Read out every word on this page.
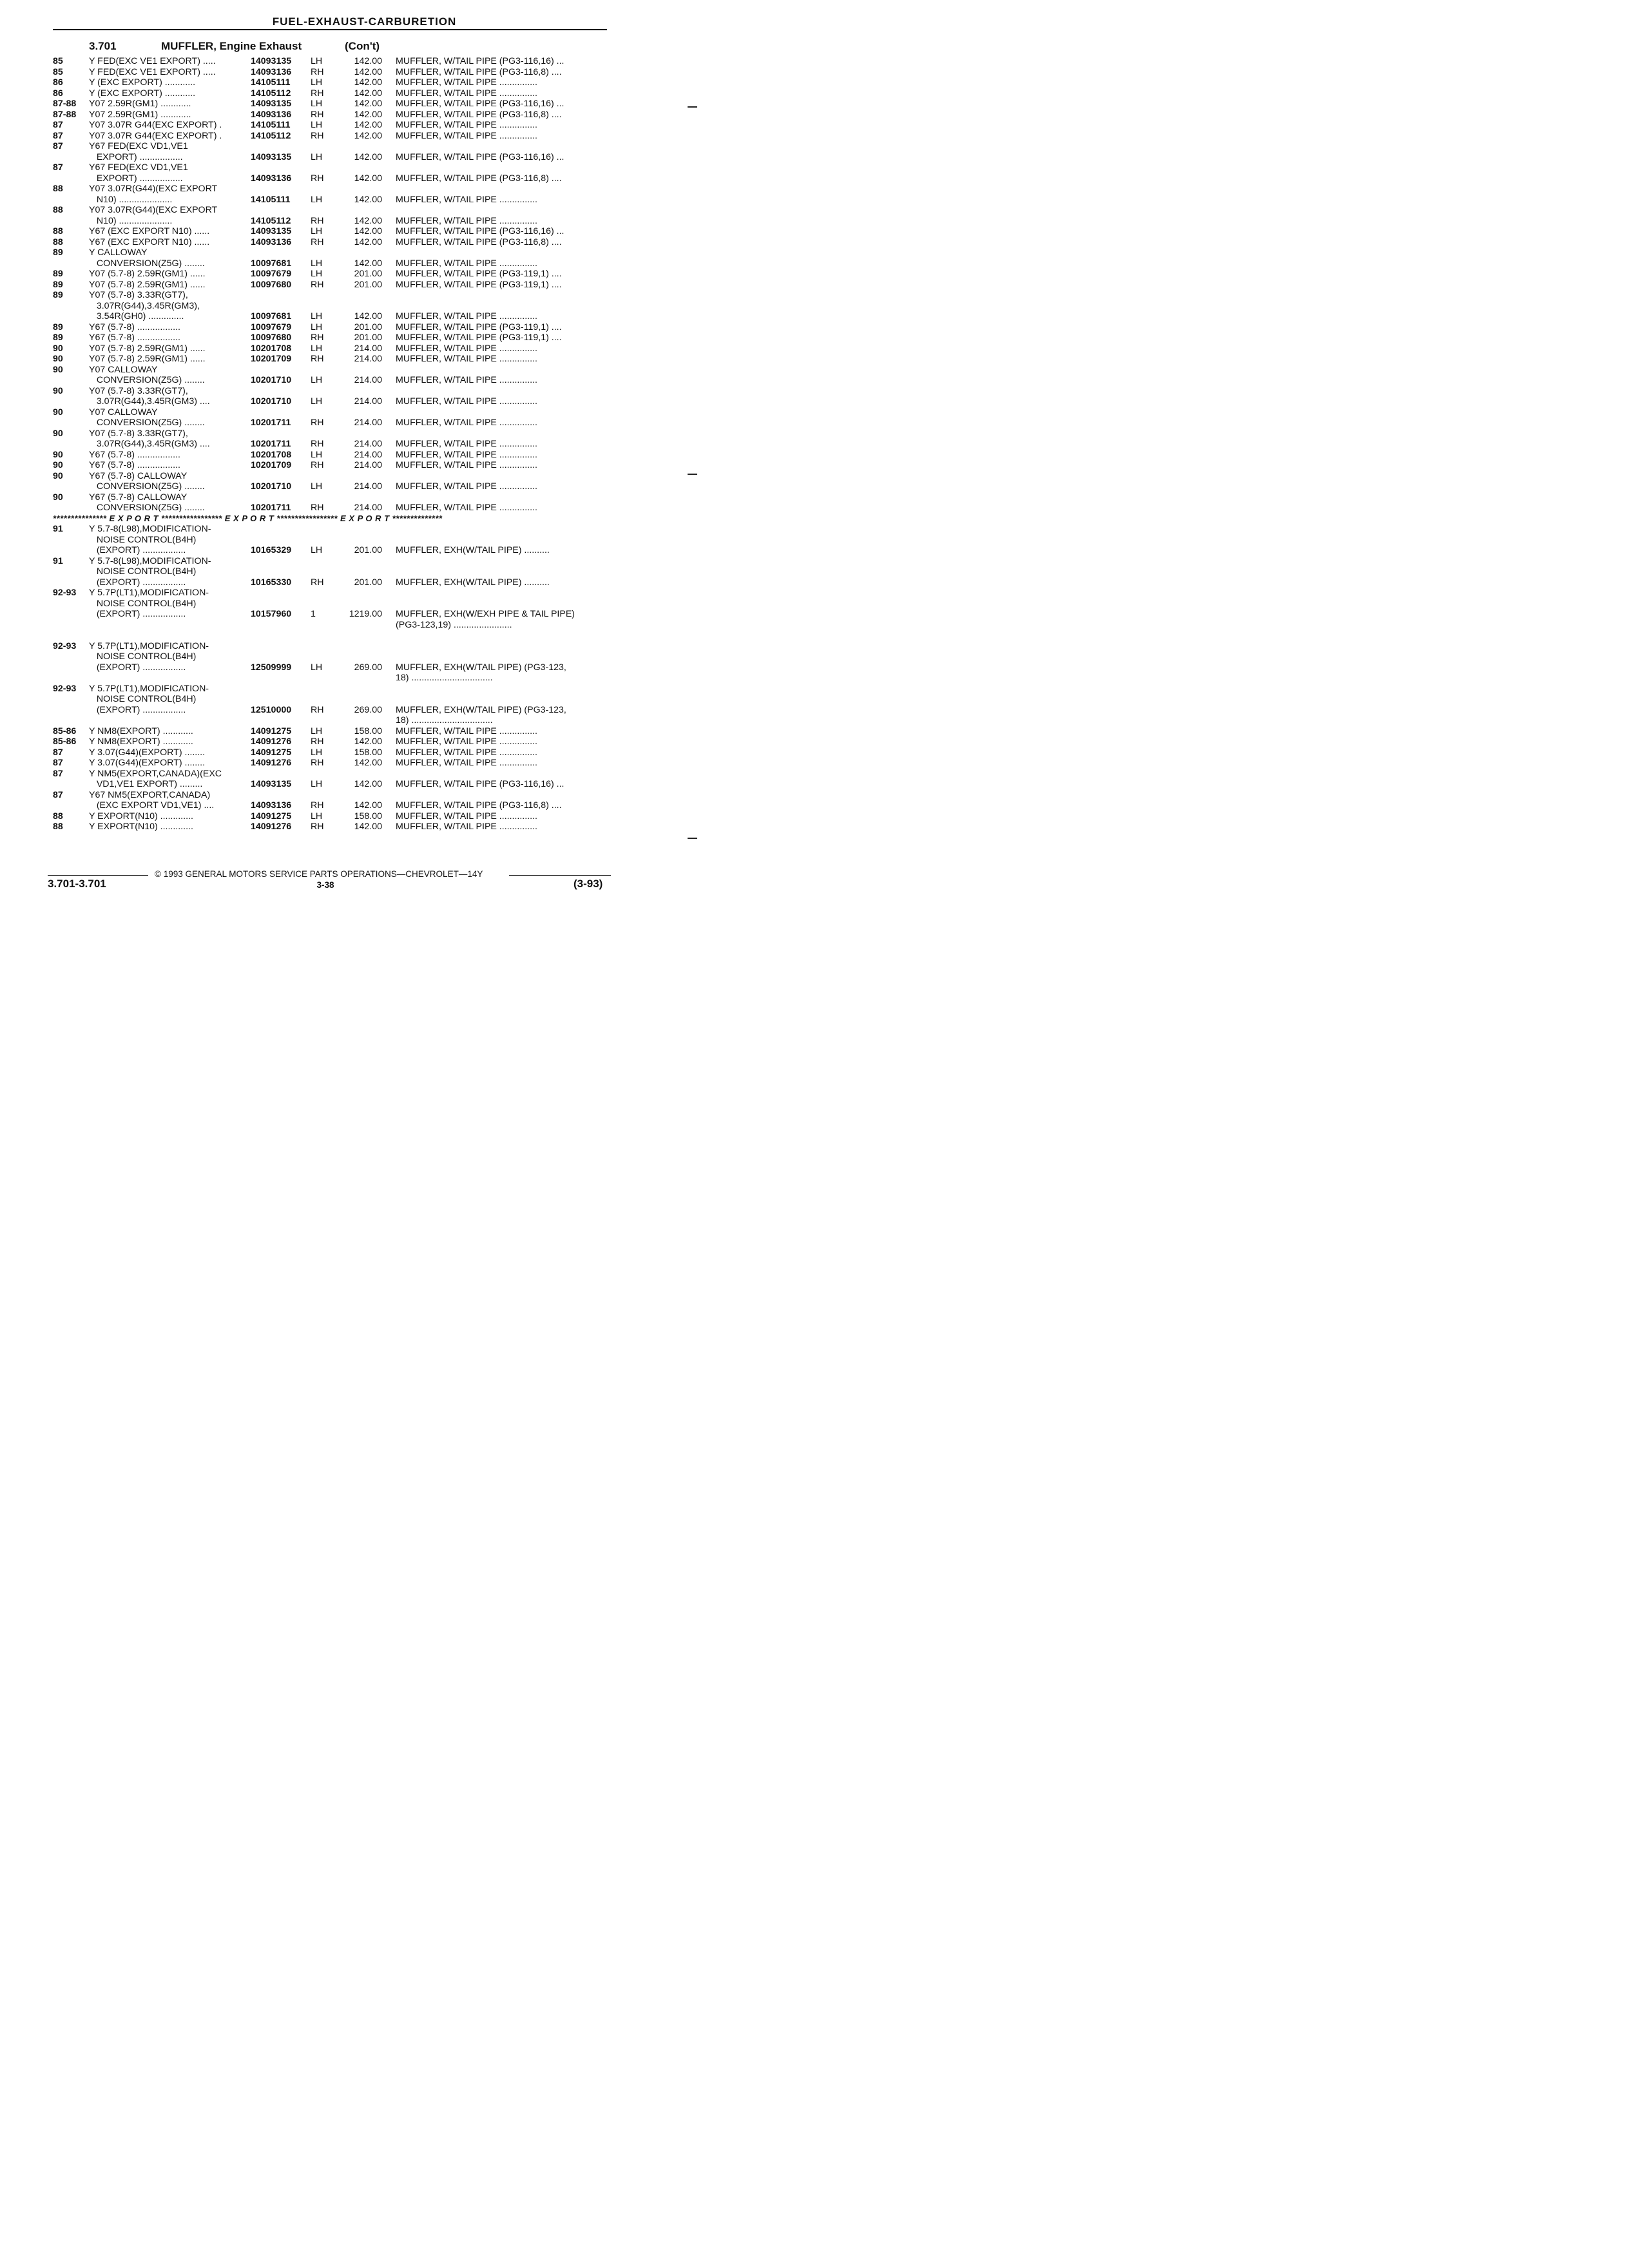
FUEL-EXHAUST-CARBURETION
3.701	MUFFLER, Engine Exhaust	(Con't)
85	Y FED(EXC VE1 EXPORT) .....	14093135 LH	142.00 MUFFLER, W/TAIL PIPE (PG3-116,16) ...
85	Y FED(EXC VE1 EXPORT) .....	14093136 RH	142.00 MUFFLER, W/TAIL PIPE (PG3-116,8) ....
86	Y (EXC EXPORT) ............	14105111 LH	142.00 MUFFLER, W/TAIL PIPE ...............
86	Y (EXC EXPORT) ............	14105112 RH	142.00 MUFFLER, W/TAIL PIPE ...............
87-88 Y07 2.59R(GM1) ............	14093135 LH	142.00 MUFFLER, W/TAIL PIPE (PG3-116,16) ...
87-88 Y07 2.59R(GM1) ............	14093136 RH	142.00 MUFFLER, W/TAIL PIPE (PG3-116,8) ....
87	Y07 3.07R G44(EXC EXPORT) .	14105111 LH	142.00 MUFFLER, W/TAIL PIPE ...............
87	Y07 3.07R G44(EXC EXPORT) .	14105112 RH	142.00 MUFFLER, W/TAIL PIPE ...............
87	Y67 FED(EXC VD1,VE1
EXPORT) .................	14093135 LH	142.00 MUFFLER, W/TAIL PIPE (PG3-116,16) ...
87	Y67 FED(EXC VD1,VE1
EXPORT) .................	14093136 RH	142.00 MUFFLER, W/TAIL PIPE (PG3-116,8) ....
88	Y07 3.07R(G44)(EXC EXPORT
N10) .....................	14105111 LH	142.00 MUFFLER, W/TAIL PIPE ...............
88	Y07 3.07R(G44)(EXC EXPORT
N10) .....................	14105112 RH	142.00 MUFFLER, W/TAIL PIPE ...............
88	Y67 (EXC EXPORT N10) ......	14093135 LH	142.00 MUFFLER, W/TAIL PIPE (PG3-116,16) ...
88	Y67 (EXC EXPORT N10) ......	14093136 RH	142.00 MUFFLER, W/TAIL PIPE (PG3-116,8) ....
89	Y CALLOWAY
CONVERSION(Z5G) ........	10097681 LH	142.00 MUFFLER, W/TAIL PIPE ...............
89	Y07 (5.7-8) 2.59R(GM1) ......	10097679 LH	201.00 MUFFLER, W/TAIL PIPE (PG3-119,1) ....
89	Y07 (5.7-8) 2.59R(GM1) ......	10097680 RH	201.00 MUFFLER, W/TAIL PIPE (PG3-119,1) ....
89	Y07 (5.7-8) 3.33R(GT7),
3.07R(G44),3.45R(GM3),
3.54R(GH0) ..............	10097681 LH	142.00 MUFFLER, W/TAIL PIPE ...............
89	Y67 (5.7-8) .................	10097679 LH	201.00 MUFFLER, W/TAIL PIPE (PG3-119,1) ....
89	Y67 (5.7-8) .................	10097680 RH	201.00 MUFFLER, W/TAIL PIPE (PG3-119,1) ....
90	Y07 (5.7-8) 2.59R(GM1) ......	10201708 LH	214.00 MUFFLER, W/TAIL PIPE ...............
90	Y07 (5.7-8) 2.59R(GM1) ......	10201709 RH	214.00 MUFFLER, W/TAIL PIPE ...............
90	Y07 CALLOWAY
CONVERSION(Z5G) ........	10201710 LH	214.00 MUFFLER, W/TAIL PIPE ...............
90	Y07 (5.7-8) 3.33R(GT7),
3.07R(G44),3.45R(GM3) ....	10201710 LH	214.00 MUFFLER, W/TAIL PIPE ...............
90	Y07 CALLOWAY
CONVERSION(Z5G) ........	10201711 RH	214.00 MUFFLER, W/TAIL PIPE ...............
90	Y07 (5.7-8) 3.33R(GT7),
3.07R(G44),3.45R(GM3) ....	10201711 RH	214.00 MUFFLER, W/TAIL PIPE ...............
90	Y67 (5.7-8) .................	10201708 LH	214.00 MUFFLER, W/TAIL PIPE ...............
90	Y67 (5.7-8) .................	10201709 RH	214.00 MUFFLER, W/TAIL PIPE ...............
90	Y67 (5.7-8) CALLOWAY
CONVERSION(Z5G) ........	10201710 LH	214.00 MUFFLER, W/TAIL PIPE ...............
90	Y67 (5.7-8) CALLOWAY
CONVERSION(Z5G) ........	10201711 RH	214.00 MUFFLER, W/TAIL PIPE ...............
*************** E X P O R T ***************** E X P O R T ***************** E X P O R T **************
91	Y 5.7-8(L98),MODIFICATION-
NOISE CONTROL(B4H)
(EXPORT) .................	10165329 LH	201.00 MUFFLER, EXH(W/TAIL PIPE) ..........
91	Y 5.7-8(L98),MODIFICATION-
NOISE CONTROL(B4H)
(EXPORT) .................	10165330 RH	201.00 MUFFLER, EXH(W/TAIL PIPE) ..........
92-93 Y 5.7P(LT1),MODIFICATION-
NOISE CONTROL(B4H)
(EXPORT) .................	10157960 1	1219.00 MUFFLER, EXH(W/EXH PIPE & TAIL PIPE)
(PG3-123,19) .......................
92-93 Y 5.7P(LT1),MODIFICATION-
NOISE CONTROL(B4H)
(EXPORT) .................	12509999 LH	269.00 MUFFLER, EXH(W/TAIL PIPE) (PG3-123,
18) ................................
92-93 Y 5.7P(LT1),MODIFICATION-
NOISE CONTROL(B4H)
(EXPORT) .................	12510000 RH	269.00 MUFFLER, EXH(W/TAIL PIPE) (PG3-123,
18) ................................
85-86 Y NM8(EXPORT) ............	14091275 LH	158.00 MUFFLER, W/TAIL PIPE ...............
85-86 Y NM8(EXPORT) ............	14091276 RH	142.00 MUFFLER, W/TAIL PIPE ...............
87	Y 3.07(G44)(EXPORT) ........	14091275 LH	158.00 MUFFLER, W/TAIL PIPE ...............
87	Y 3.07(G44)(EXPORT) ........	14091276 RH	142.00 MUFFLER, W/TAIL PIPE ...............
87	Y NM5(EXPORT,CANADA)(EXC
VD1,VE1 EXPORT) .........	14093135 LH	142.00 MUFFLER, W/TAIL PIPE (PG3-116,16) ...
87	Y67 NM5(EXPORT,CANADA)
(EXC EXPORT VD1,VE1) ....	14093136 RH	142.00 MUFFLER, W/TAIL PIPE (PG3-116,8) ....
88	Y EXPORT(N10) .............	14091275 LH	158.00 MUFFLER, W/TAIL PIPE ...............
88	Y EXPORT(N10) .............	14091276 RH	142.00 MUFFLER, W/TAIL PIPE ...............
© 1993 GENERAL MOTORS SERVICE PARTS OPERATIONS—CHEVROLET—14Y
3.701-3.701	3-38	(3-93)
